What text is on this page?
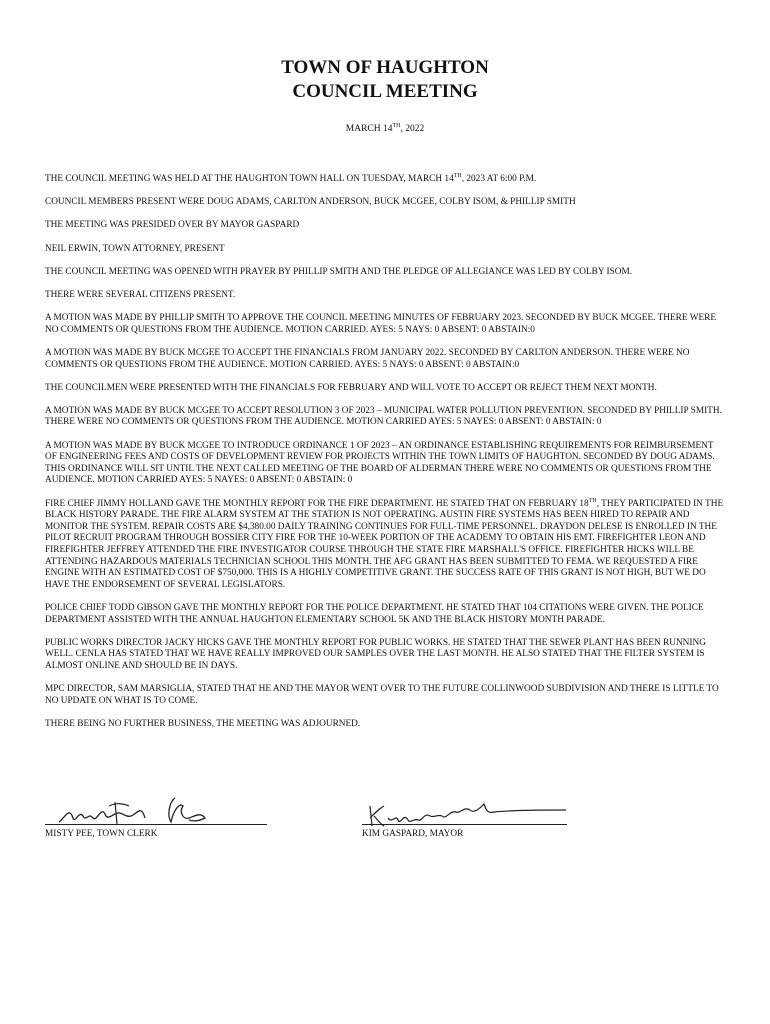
TOWN OF HAUGHTON
COUNCIL MEETING
MARCH 14TH, 2022

THE COUNCIL MEETING WAS HELD AT THE HAUGHTON TOWN HALL ON TUESDAY, MARCH 14TH, 2023 AT 6:00 P.M.

COUNCIL MEMBERS PRESENT WERE DOUG ADAMS, CARLTON ANDERSON, BUCK MCGEE, COLBY ISOM, & PHILLIP SMITH

THE MEETING WAS PRESIDED OVER BY MAYOR GASPARD

NEIL ERWIN, TOWN ATTORNEY, PRESENT

THE COUNCIL MEETING WAS OPENED WITH PRAYER BY PHILLIP SMITH AND THE PLEDGE OF ALLEGIANCE WAS LED BY COLBY ISOM.

THERE WERE SEVERAL CITIZENS PRESENT.

A MOTION WAS MADE BY PHILLIP SMITH TO APPROVE THE COUNCIL MEETING MINUTES OF FEBRUARY 2023. SECONDED BY BUCK MCGEE. THERE WERE NO COMMENTS OR QUESTIONS FROM THE AUDIENCE. MOTION CARRIED. AYES: 5 NAYS: 0 ABSENT: 0 ABSTAIN:0

A MOTION WAS MADE BY BUCK MCGEE TO ACCEPT THE FINANCIALS FROM JANUARY 2022. SECONDED BY CARLTON ANDERSON. THERE WERE NO COMMENTS OR QUESTIONS FROM THE AUDIENCE. MOTION CARRIED. AYES: 5 NAYS: 0 ABSENT: 0 ABSTAIN:0

THE COUNCILMEN WERE PRESENTED WITH THE FINANCIALS FOR FEBRUARY AND WILL VOTE TO ACCEPT OR REJECT THEM NEXT MONTH.

A MOTION WAS MADE BY BUCK MCGEE TO ACCEPT RESOLUTION 3 OF 2023 – MUNICIPAL WATER POLLUTION PREVENTION. SECONDED BY PHILLIP SMITH. THERE WERE NO COMMENTS OR QUESTIONS FROM THE AUDIENCE. MOTION CARRIED AYES: 5 NAYES: 0 ABSENT: 0 ABSTAIN: 0

A MOTION WAS MADE BY BUCK MCGEE TO INTRODUCE ORDINANCE 1 OF 2023 – AN ORDINANCE ESTABLISHING REQUIREMENTS FOR REIMBURSEMENT OF ENGINEERING FEES AND COSTS OF DEVELOPMENT REVIEW FOR PROJECTS WITHIN THE TOWN LIMITS OF HAUGHTON. SECONDED BY DOUG ADAMS. THIS ORDINANCE WILL SIT UNTIL THE NEXT CALLED MEETING OF THE BOARD OF ALDERMAN THERE WERE NO COMMENTS OR QUESTIONS FROM THE AUDIENCE. MOTION CARRIED AYES: 5 NAYES: 0 ABSENT: 0 ABSTAIN: 0

FIRE CHIEF JIMMY HOLLAND GAVE THE MONTHLY REPORT FOR THE FIRE DEPARTMENT. HE STATED THAT ON FEBRUARY 18TH, THEY PARTICIPATED IN THE BLACK HISTORY PARADE. THE FIRE ALARM SYSTEM AT THE STATION IS NOT OPERATING. AUSTIN FIRE SYSTEMS HAS BEEN HIRED TO REPAIR AND MONITOR THE SYSTEM. REPAIR COSTS ARE $4,380.00 DAILY TRAINING CONTINUES FOR FULL-TIME PERSONNEL. DRAYDON DELESE IS ENROLLED IN THE PILOT RECRUIT PROGRAM THROUGH BOSSIER CITY FIRE FOR THE 10-WEEK PORTION OF THE ACADEMY TO OBTAIN HIS EMT. FIREFIGHTER LEON AND FIREFIGHTER JEFFREY ATTENDED THE FIRE INVESTIGATOR COURSE THROUGH THE STATE FIRE MARSHALL'S OFFICE. FIREFIGHTER HICKS WILL BE ATTENDING HAZARDOUS MATERIALS TECHNICIAN SCHOOL THIS MONTH. THE AFG GRANT HAS BEEN SUBMITTED TO FEMA. WE REQUESTED A FIRE ENGINE WITH AN ESTIMATED COST OF $750,000. THIS IS A HIGHLY COMPETITIVE GRANT. THE SUCCESS RATE OF THIS GRANT IS NOT HIGH, BUT WE DO HAVE THE ENDORSEMENT OF SEVERAL LEGISLATORS.

POLICE CHIEF TODD GIBSON GAVE THE MONTHLY REPORT FOR THE POLICE DEPARTMENT. HE STATED THAT 104 CITATIONS WERE GIVEN. THE POLICE DEPARTMENT ASSISTED WITH THE ANNUAL HAUGHTON ELEMENTARY SCHOOL 5K AND THE BLACK HISTORY MONTH PARADE.

PUBLIC WORKS DIRECTOR JACKY HICKS GAVE THE MONTHLY REPORT FOR PUBLIC WORKS. HE STATED THAT THE SEWER PLANT HAS BEEN RUNNING WELL. CENLA HAS STATED THAT WE HAVE REALLY IMPROVED OUR SAMPLES OVER THE LAST MONTH. HE ALSO STATED THAT THE FILTER SYSTEM IS ALMOST ONLINE AND SHOULD BE IN DAYS.

MPC DIRECTOR, SAM MARSIGLIA, STATED THAT HE AND THE MAYOR WENT OVER TO THE FUTURE COLLINWOOD SUBDIVISION AND THERE IS LITTLE TO NO UPDATE ON WHAT IS TO COME.

THERE BEING NO FURTHER BUSINESS, THE MEETING WAS ADJOURNED.

MISTY PEE, TOWN CLERK	KIM GASPARD, MAYOR
